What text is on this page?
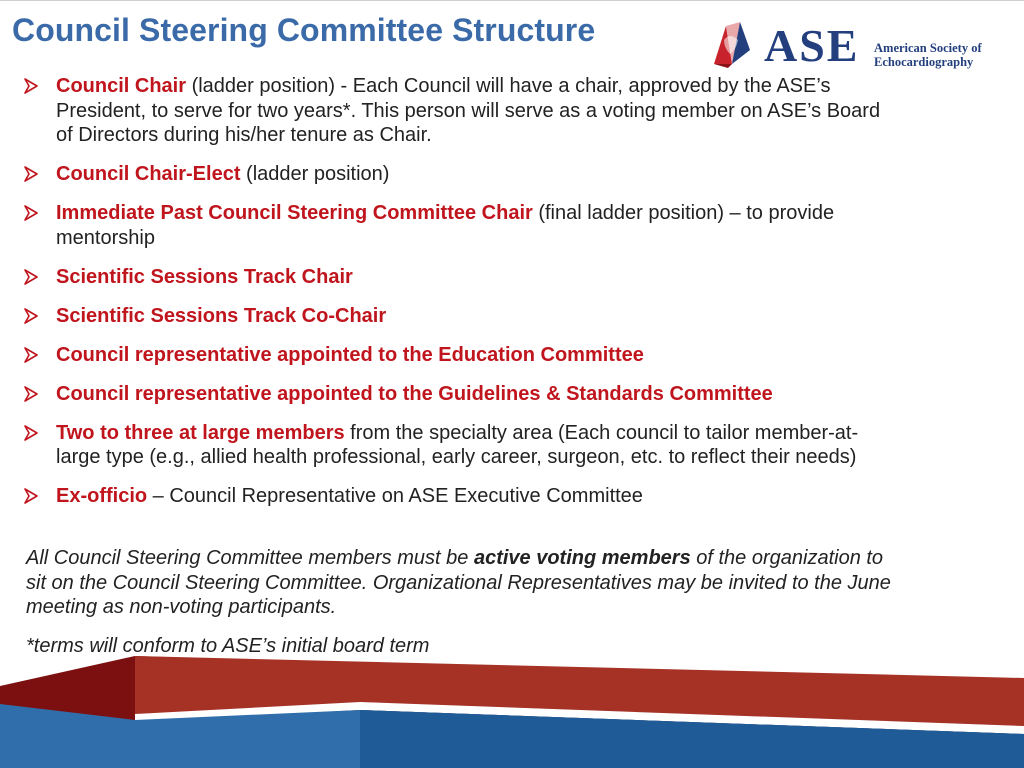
Council Steering Committee Structure	ASE American Society of
Echocardiography
Council Chair (ladder position) - Each Council will have a chair, approved by the ASE’s President, to serve for two years*. This person will serve as a voting member on ASE’s Board of Directors during his/her tenure as Chair.
Council Chair-Elect (ladder position)
Immediate Past Council Steering Committee Chair (final ladder position) – to provide mentorship
Scientific Sessions Track Chair
Scientific Sessions Track Co-Chair
Council representative appointed to the Education Committee
Council representative appointed to the Guidelines & Standards Committee
Two to three at large members from the specialty area (Each council to tailor member-at-large type (e.g., allied health professional, early career, surgeon, etc. to reflect their needs)
Ex-officio – Council Representative on ASE Executive Committee

All Council Steering Committee members must be active voting members of the organization to sit on the Council Steering Committee. Organizational Representatives may be invited to the June meeting as non-voting participants.

*terms will conform to ASE’s initial board term
